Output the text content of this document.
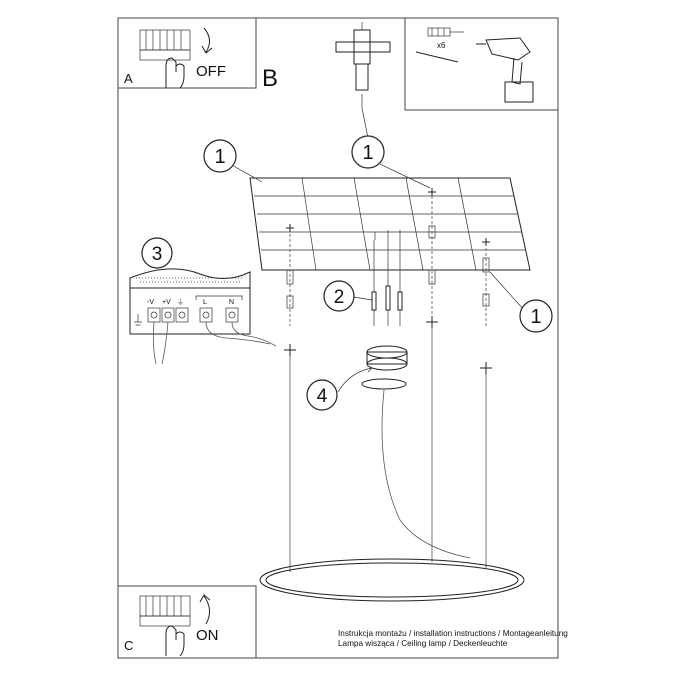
A	OFF B
x6
-V +V ⏚	L	N
1	1
1
2
3
4
C
ON	Instrukcja montażu / installation instructions / Montageanleitung
Lampa wisząca / Ceiling lamp / Deckenleuchte
